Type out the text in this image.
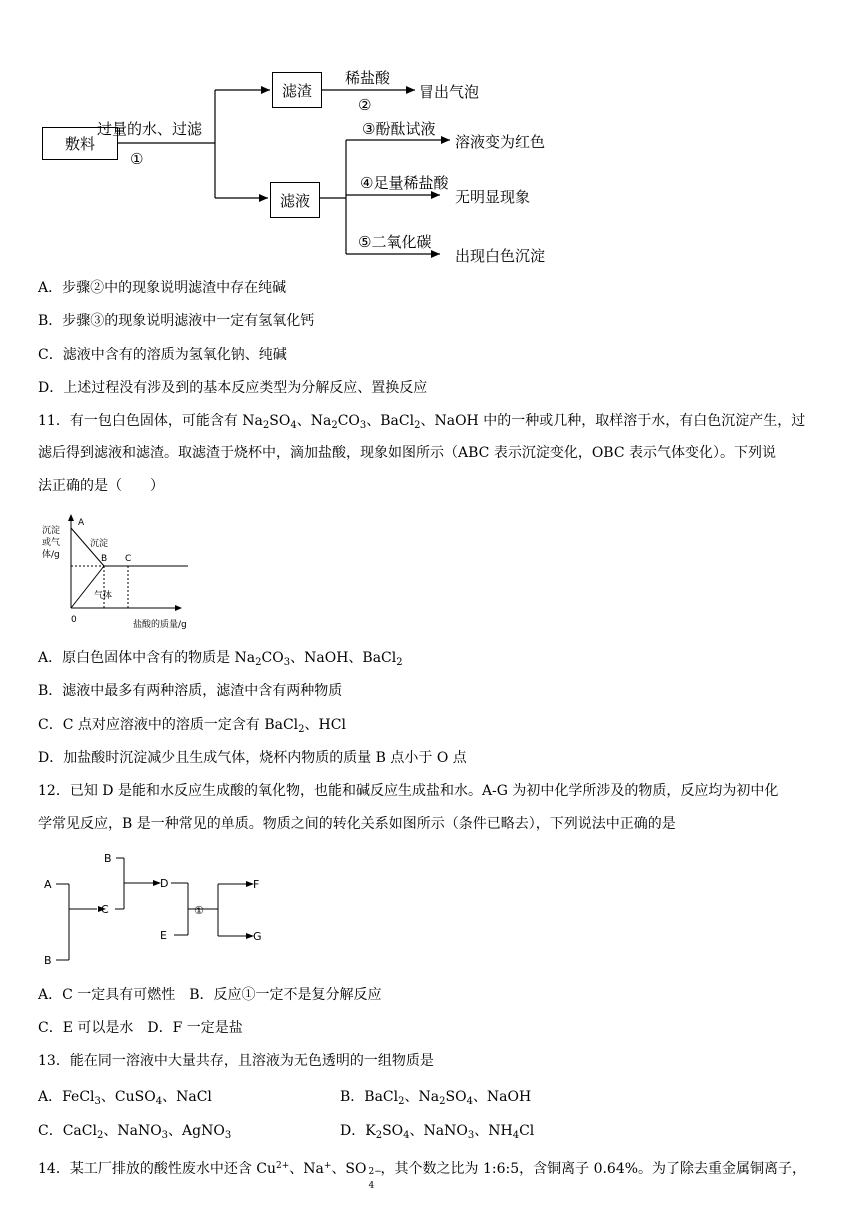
敷料
滤渣
滤液
过量的水、过滤
①
稀盐酸
②
冒出气泡
③酚酞试液
溶液变为红色
④足量稀盐酸
无明显现象
⑤二氧化碳
出现白色沉淀
A．步骤②中的现象说明滤渣中存在纯碱
B．步骤③的现象说明滤液中一定有氢氧化钙
C．滤液中含有的溶质为氢氧化钠、纯碱
D．上述过程没有涉及到的基本反应类型为分解反应、置换反应
11．有一包白色固体，可能含有 $Na_2SO_4$、$Na_2CO_3$、BaCl$_2$、NaOH 中的一种或几种，取样溶于水，有白色沉淀产生，过
滤后得到滤液和滤渣。取滤渣于烧杯中，滴加盐酸，现象如图所示（ABC 表示沉淀变化，OBC 表示气体变化）。下列说
法正确的是（　　）
沉淀
或气
体/g
A
沉淀
B C
气体
0	盐酸的质量/g
A．原白色固体中含有的物质是 $Na_2CO_3$、NaOH、BaCl$_2$
B．滤液中最多有两种溶质，滤渣中含有两种物质
C．C 点对应溶液中的溶质一定含有 BaCl$_2$、HCl
D．加盐酸时沉淀减少且生成气体，烧杯内物质的质量 B 点小于 O 点
12．已知 D 是能和水反应生成酸的氧化物，也能和碱反应生成盐和水。A-G 为初中化学所涉及的物质，反应均为初中化
学常见反应，B 是一种常见的单质。物质之间的转化关系如图所示（条件已略去），下列说法中正确的是
A
B
B
C
D
E
①
F
G
A．C 一定具有可燃性　B．反应①一定不是复分解反应
C．E 可以是水　D．F 一定是盐
13．能在同一溶液中大量共存，且溶液为无色透明的一组物质是
A．FeCl$_3$、CuSO$_4$、NaCl	B．BaCl$_2$、$Na_2SO_4$、NaOH
C．CaCl$_2$、NaNO$_3$、AgNO$_3$	D．$K_2SO_4$、NaNO$_3$、$NH_4Cl$
14．某工厂排放的酸性废水中还含 $Cu^{2+}$、Na+、SO 2−
4
，其个数之比为 1:6:5，含铜离子 0.64%。为了除去重金属铜离子，
